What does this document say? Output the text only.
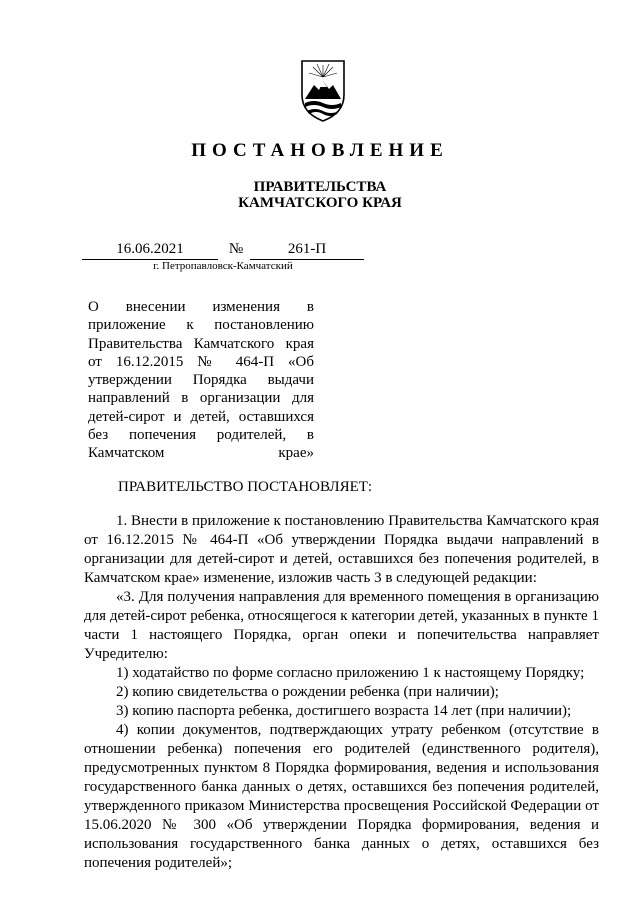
ПОСТАНОВЛЕНИЕ
ПРАВИТЕЛЬСТВА
КАМЧАТСКОГО КРАЯ
16.06.2021	№	261-П
г. Петропавловск-Камчатский
О внесении изменения в приложение к постановлению Правительства Камчатского края от 16.12.2015 № 464-П «Об утверждении Порядка выдачи направлений в организации для детей-сирот и детей, оставшихся без попечения родителей, в Камчатском крае»
ПРАВИТЕЛЬСТВО ПОСТАНОВЛЯЕТ:

1. Внести в приложение к постановлению Правительства Камчатского края от 16.12.2015 № 464-П «Об утверждении Порядка выдачи направлений в организации для детей-сирот и детей, оставшихся без попечения родителей, в Камчатском крае» изменение, изложив часть 3 в следующей редакции:

«3. Для получения направления для временного помещения в организацию для детей-сирот ребенка, относящегося к категории детей, указанных в пункте 1 части 1 настоящего Порядка, орган опеки и попечительства направляет Учредителю:

1) ходатайство по форме согласно приложению 1 к настоящему Порядку;

2) копию свидетельства о рождении ребенка (при наличии);

3) копию паспорта ребенка, достигшего возраста 14 лет (при наличии);

4) копии документов, подтверждающих утрату ребенком (отсутствие в отношении ребенка) попечения его родителей (единственного родителя), предусмотренных пунктом 8 Порядка формирования, ведения и использования государственного банка данных о детях, оставшихся без попечения родителей, утвержденного приказом Министерства просвещения Российской Федерации от 15.06.2020 № 300 «Об утверждении Порядка формирования, ведения и использования государственного банка данных о детях, оставшихся без попечения родителей»;
